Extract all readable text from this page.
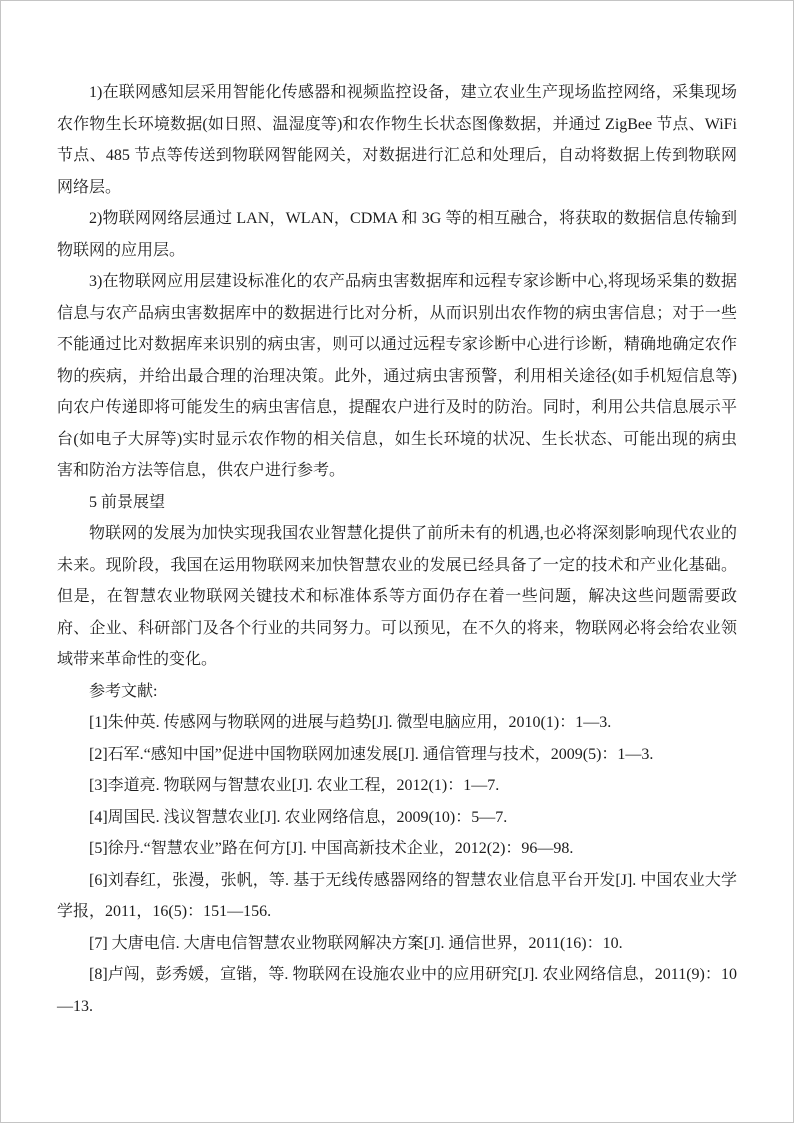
1)在联网感知层采用智能化传感器和视频监控设备，建立农业生产现场监控网络，采集现场农作物生长环境数据(如日照、温湿度等)和农作物生长状态图像数据，并通过 ZigBee 节点、WiFi 节点、485 节点等传送到物联网智能网关，对数据进行汇总和处理后，自动将数据上传到物联网网络层。

2)物联网网络层通过 LAN，WLAN，CDMA 和 3G 等的相互融合，将获取的数据信息传输到物联网的应用层。

3)在物联网应用层建设标准化的农产品病虫害数据库和远程专家诊断中心,将现场采集的数据信息与农产品病虫害数据库中的数据进行比对分析，从而识别出农作物的病虫害信息；对于一些不能通过比对数据库来识别的病虫害，则可以通过远程专家诊断中心进行诊断，精确地确定农作物的疾病，并给出最合理的治理决策。此外，通过病虫害预警，利用相关途径(如手机短信息等)向农户传递即将可能发生的病虫害信息，提醒农户进行及时的防治。同时，利用公共信息展示平台(如电子大屏等)实时显示农作物的相关信息，如生长环境的状况、生长状态、可能出现的病虫害和防治方法等信息，供农户进行参考。

5 前景展望

物联网的发展为加快实现我国农业智慧化提供了前所未有的机遇,也必将深刻影响现代农业的未来。现阶段，我国在运用物联网来加快智慧农业的发展已经具备了一定的技术和产业化基础。但是，在智慧农业物联网关键技术和标准体系等方面仍存在着一些问题，解决这些问题需要政府、企业、科研部门及各个行业的共同努力。可以预见，在不久的将来，物联网必将会给农业领域带来革命性的变化。

参考文献:

[1]朱仲英. 传感网与物联网的进展与趋势[J]. 微型电脑应用，2010(1)：1—3.

[2]石军.“感知中国”促进中国物联网加速发展[J]. 通信管理与技术，2009(5)：1—3.

[3]李道亮. 物联网与智慧农业[J]. 农业工程，2012(1)：1—7.

[4]周国民. 浅议智慧农业[J]. 农业网络信息，2009(10)：5—7.

[5]徐丹.“智慧农业”路在何方[J]. 中国高新技术企业，2012(2)：96—98.

[6]刘春红，张漫，张帆，等. 基于无线传感器网络的智慧农业信息平台开发[J]. 中国农业大学学报，2011，16(5)：151—156.

[7] 大唐电信. 大唐电信智慧农业物联网解决方案[J]. 通信世界，2011(16)：10.

[8]卢闯，彭秀媛，宣锴，等. 物联网在设施农业中的应用研究[J]. 农业网络信息，2011(9)：10—13.
